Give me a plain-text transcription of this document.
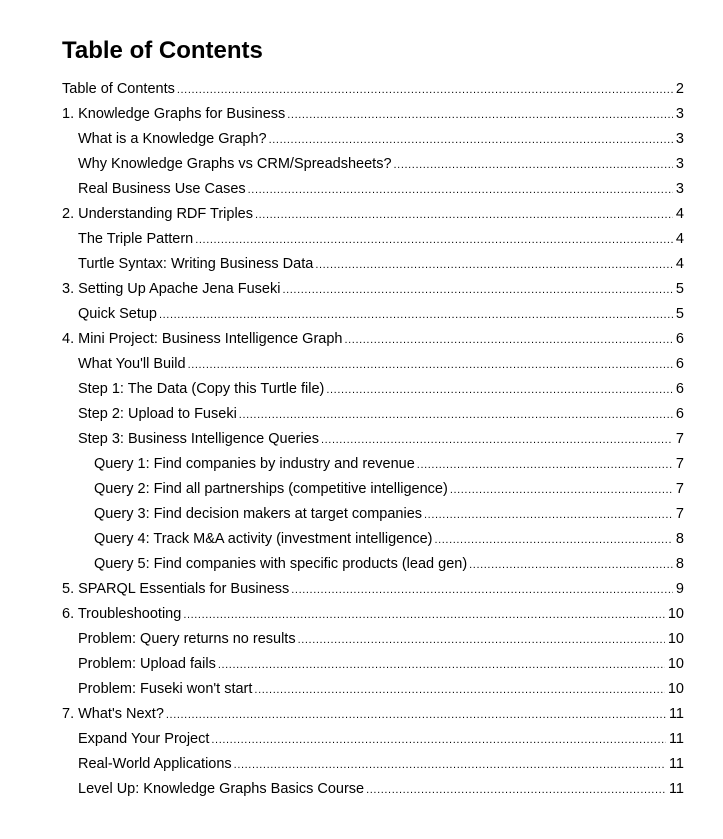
Table of Contents
Table of Contents .....	2
1. Knowledge Graphs for Business .....	3
What is a Knowledge Graph? .....	3
Why Knowledge Graphs vs CRM/Spreadsheets? .....	3
Real Business Use Cases .....	3
2. Understanding RDF Triples .....	4
The Triple Pattern .....	4
Turtle Syntax: Writing Business Data .....	4
3. Setting Up Apache Jena Fuseki .....	5
Quick Setup .....	5
4. Mini Project: Business Intelligence Graph .....	6
What You'll Build .....	6
Step 1: The Data (Copy this Turtle file) .....	6
Step 2: Upload to Fuseki .....	6
Step 3: Business Intelligence Queries .....	7
Query 1: Find companies by industry and revenue .....	7
Query 2: Find all partnerships (competitive intelligence) .....	7
Query 3: Find decision makers at target companies .....	7
Query 4: Track M&A activity (investment intelligence) .....	8
Query 5: Find companies with specific products (lead gen) .....	8
5. SPARQL Essentials for Business .....	9
6. Troubleshooting .....	10
Problem: Query returns no results .....	10
Problem: Upload fails .....	10
Problem: Fuseki won't start .....	10
7. What's Next? .....	11
Expand Your Project .....	11
Real-World Applications .....	11
Level Up: Knowledge Graphs Basics Course .....	11
